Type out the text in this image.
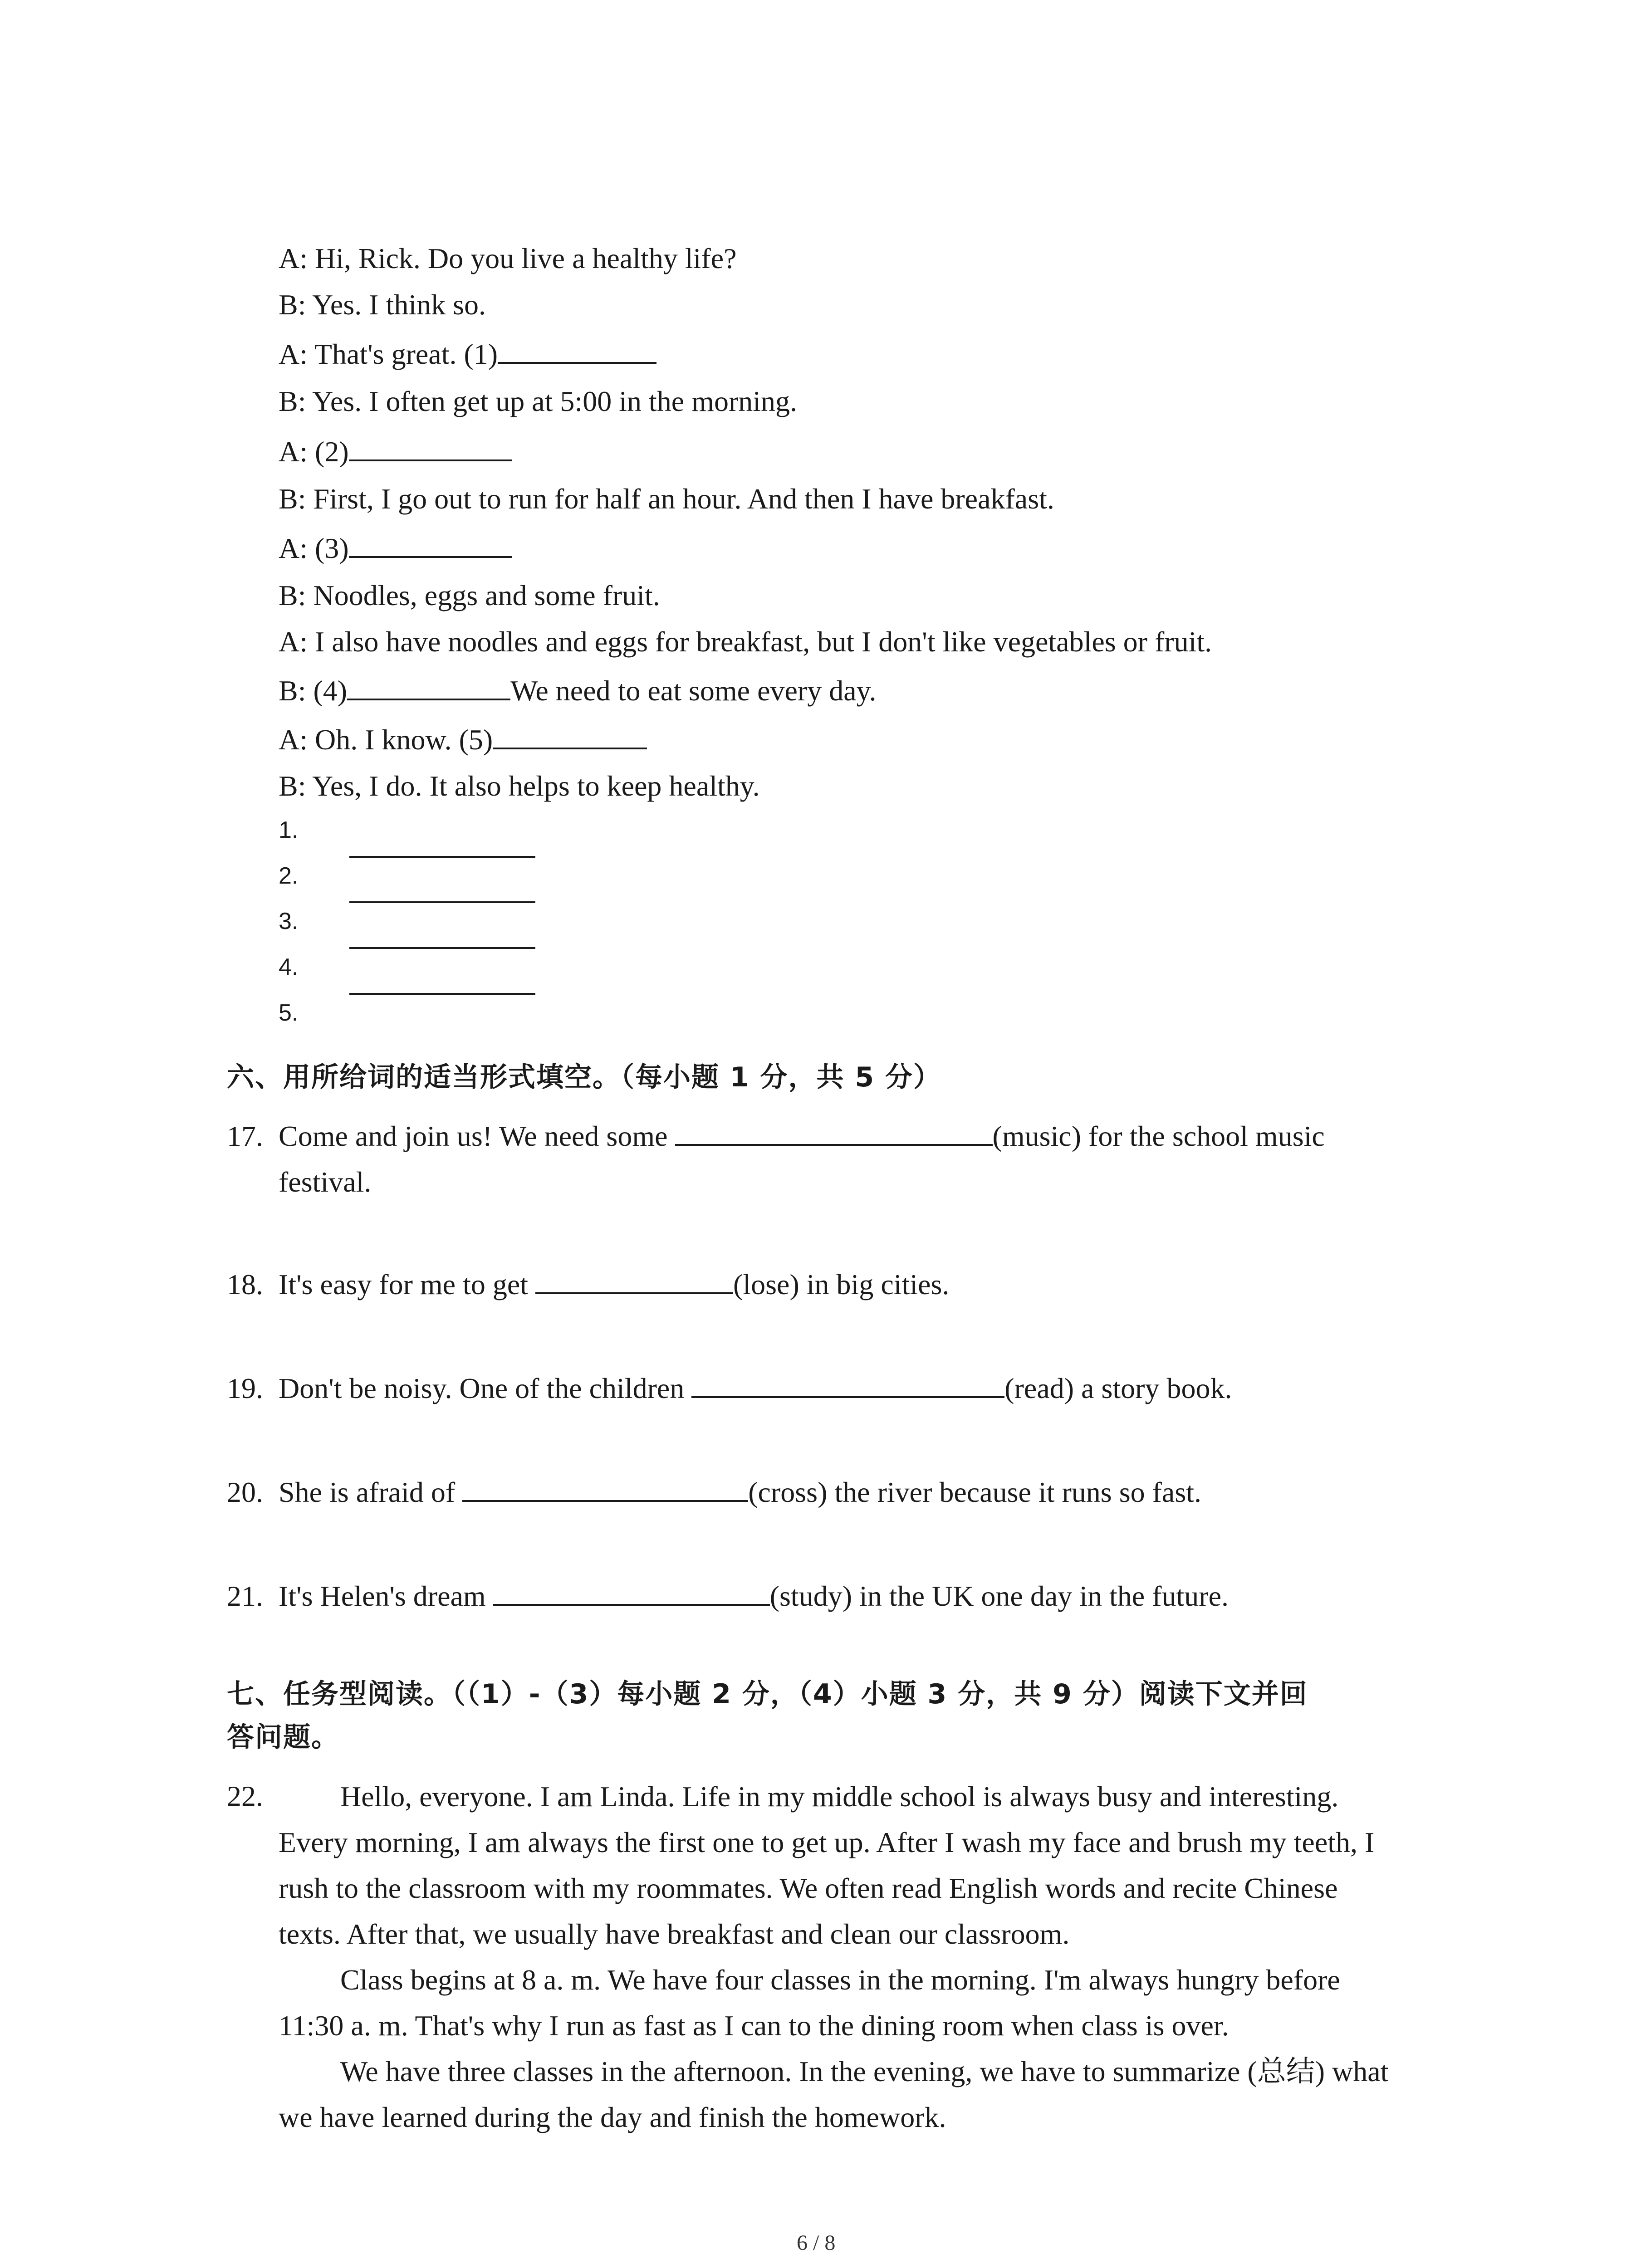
A: Hi, Rick. Do you live a healthy life?
B: Yes. I think so.
A: That's great. (1)
B: Yes. I often get up at 5:00 in the morning.
A: (2)
B: First, I go out to run for half an hour. And then I have breakfast.
A: (3)
B: Noodles, eggs and some fruit.
A: I also have noodles and eggs for breakfast, but I don't like vegetables or fruit.
B: (4)	We need to eat some every day.
A: Oh. I know. (5)
B: Yes, I do. It also helps to keep healthy.
1.
2.
3.
4.
5.
六、用所给词的适当形式填空。（每小题 1 分，共 5 分）
17. Come and join us! We need some	(music) for the school music
festival.
18. It's easy for me to get	(lose) in big cities.
19. Don't be noisy. One of the children	(read) a story book.
20. She is afraid of	(cross) the river because it runs so fast.
21. It's Helen's dream	(study) in the UK one day in the future.
七、任务型阅读。（（1）-（3）每小题 2 分，（4）小题 3 分，共 9 分）阅读下文并回
答问题。
22.	Hello, everyone. I am Linda. Life in my middle school is always busy and interesting.
Every morning, I am always the first one to get up. After I wash my face and brush my teeth, I
rush to the classroom with my roommates. We often read English words and recite Chinese
texts. After that, we usually have breakfast and clean our classroom.
Class begins at 8 a. m. We have four classes in the morning. I'm always hungry before
11:30 a. m. That's why I run as fast as I can to the dining room when class is over.
We have three classes in the afternoon. In the evening, we have to summarize (总结) what
we have learned during the day and finish the homework.
6 / 8
